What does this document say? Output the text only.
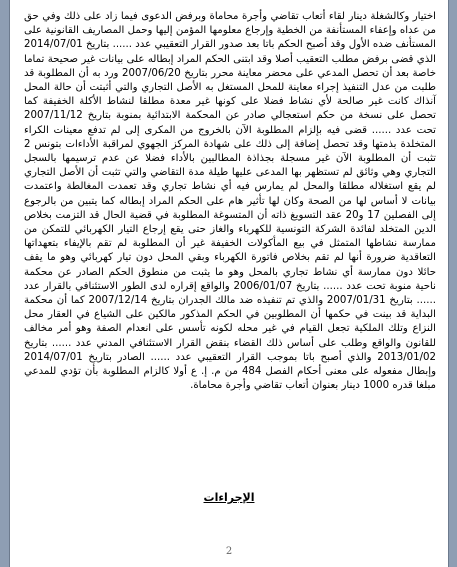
اختيار وكالشغلة دينار لقاء أتعاب تقاضي وأجرة محاماة وبرفض الدعوى فيما زاد على ذلك وفي حق من عداه وإعفاء المستأنفة من الخطية وإرجاع معلومها المؤمن إليها وحمل المصاريف القانونية على المستأنف ضده الأول وقد أصبح الحكم باتا بعد صدور القرار التعقيبي عدد ...... بتاريخ 2014/07/01 الذي قضى برفض مطلب التعقيب أصلا وقد ابتنى الحكم المراد إبطاله على بيانات غير صحيحة تماما خاصة بعد أن تحصل المدعي على محضر معاينة محرر بتاريخ 2007/06/20 ورد به أن المطلوبة قد طلبت من عدل التنفيذ إجراء معاينة للمحل المستغل به الأصل التجاري والتي أثبتت أن حالة المحل آنذاك كانت غير صالحة لأي نشاط فضلا على كونها غير معدة مطلقا لنشاط الأكلة الخفيفة كما تحصل على نسخة من حكم استعجالي صادر عن المحكمة الابتدائية بمنوبة بتاريخ 2007/11/12 تحت عدد ...... قضى فيه بإلزام المطلوبة الآن بالخروج من المكرى إلى لم تدفع معينات الكراء المتخلدة بذمتها وقد تحصل إضافة إلى ذلك على شهادة المركز الجهوي لمراقبة الأداءات بتونس 2 تثبت أن المطلوبة الآن غير مسجلة بجذاذة المطالبين بالأداء فضلا عن عدم ترسيمها بالسجل التجاري وهي وثائق لم تستظهر بها المدعى عليها طيلة مدة التقاضي والتي تثبت أن الأصل التجاري لم يقع استغلاله مطلقا والمحل لم يمارس فيه أي نشاط تجاري وقد تعمدت المغالطة واعتمدت بيانات لا أساس لها من الصحة وكان لها تأثير هام على الحكم المراد إبطاله كما يتبين من بالرجوع إلى الفصلين 17 و20 عقد التسويغ ذاته أن المتسوغة المطلوبة في قضية الحال قد التزمت بخلاص الدين المتخلد لفائدة الشركة التونسية للكهرباء والغاز حتى يقع إرجاع التيار الكهربائي للتمكن من ممارسة نشاطها المتمثل في بيع المأكولات الخفيفة غير أن المطلوبة لم تقم بالإيفاء بتعهداتها التعاقدية ضرورة أنها لم تقم بخلاص فاتورة الكهرباء وبقي المحل دون تيار كهربائي وهو ما يقف حائلا دون ممارسة أي نشاط تجاري بالمحل وهو ما يثبت من منطوق الحكم الصادر عن محكمة ناحية منوبة تحت عدد ...... بتاريخ 2006/01/07 والواقع إقراره لدى الطور الاستئنافي بالقرار عدد ...... بتاريخ 2007/01/31 والذي تم تنفيذه ضد مالك الجدران بتاريخ 2007/12/14 كما أن محكمة البداية قد بينت في حكمها أن المطلوبين في الحكم المذكور مالكين على الشياع في العقار محل النزاع وتلك الملكية تجعل القيام في غير محله لكونه تأسس على انعدام الصفة وهو أمر مخالف للقانون والواقع وطلب على أساس ذلك القضاء بنقض القرار الاستئنافي المدني عدد ...... بتاريخ 2013/01/02 والذي أصبح باتا بموجب القرار التعقيبي عدد ...... الصادر بتاريخ 2014/07/01 وإبطال مفعوله على معنى أحكام الفصل 484 من م. إ. ع أولا كالزام المطلوبة بأن تؤدي للمدعي مبلغا قدره 1000 دينار بعنوان أتعاب تقاضي وأجرة محاماة.

الإجراءات
2
